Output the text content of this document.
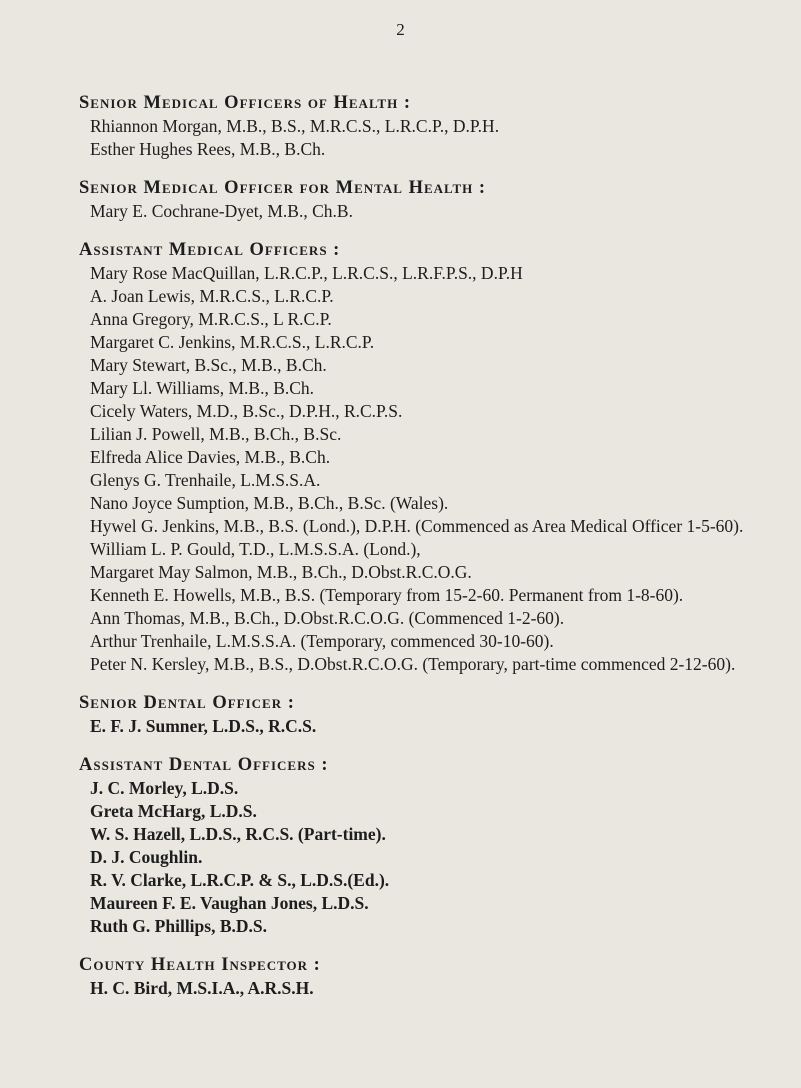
2
Senior Medical Officers of Health :
Rhiannon Morgan, M.B., B.S., M.R.C.S., L.R.C.P., D.P.H.
Esther Hughes Rees, M.B., B.Ch.
Senior Medical Officer for Mental Health :
Mary E. Cochrane-Dyet, M.B., Ch.B.
Assistant Medical Officers :
Mary Rose MacQuillan, L.R.C.P., L.R.C.S., L.R.F.P.S., D.P.H
A. Joan Lewis, M.R.C.S., L.R.C.P.
Anna Gregory, M.R.C.S., L R.C.P.
Margaret C. Jenkins, M.R.C.S., L.R.C.P.
Mary Stewart, B.Sc., M.B., B.Ch.
Mary Ll. Williams, M.B., B.Ch.
Cicely Waters, M.D., B.Sc., D.P.H., R.C.P.S.
Lilian J. Powell, M.B., B.Ch., B.Sc.
Elfreda Alice Davies, M.B., B.Ch.
Glenys G. Trenhaile, L.M.S.S.A.
Nano Joyce Sumption, M.B., B.Ch., B.Sc. (Wales).
Hywel G. Jenkins, M.B., B.S. (Lond.), D.P.H. (Commenced as Area Medical Officer 1-5-60).
William L. P. Gould, T.D., L.M.S.S.A. (Lond.),
Margaret May Salmon, M.B., B.Ch., D.Obst.R.C.O.G.
Kenneth E. Howells, M.B., B.S. (Temporary from 15-2-60. Permanent from 1-8-60).
Ann Thomas, M.B., B.Ch., D.Obst.R.C.O.G. (Commenced 1-2-60).
Arthur Trenhaile, L.M.S.S.A. (Temporary, commenced 30-10-60).
Peter N. Kersley, M.B., B.S., D.Obst.R.C.O.G. (Temporary, part-time commenced 2-12-60).
Senior Dental Officer :
E. F. J. Sumner, L.D.S., R.C.S.
Assistant Dental Officers :
J. C. Morley, L.D.S.
Greta McHarg, L.D.S.
W. S. Hazell, L.D.S., R.C.S. (Part-time).
D. J. Coughlin.
R. V. Clarke, L.R.C.P. & S., L.D.S.(Ed.).
Maureen F. E. Vaughan Jones, L.D.S.
Ruth G. Phillips, B.D.S.
County Health Inspector :
H. C. Bird, M.S.I.A., A.R.S.H.
